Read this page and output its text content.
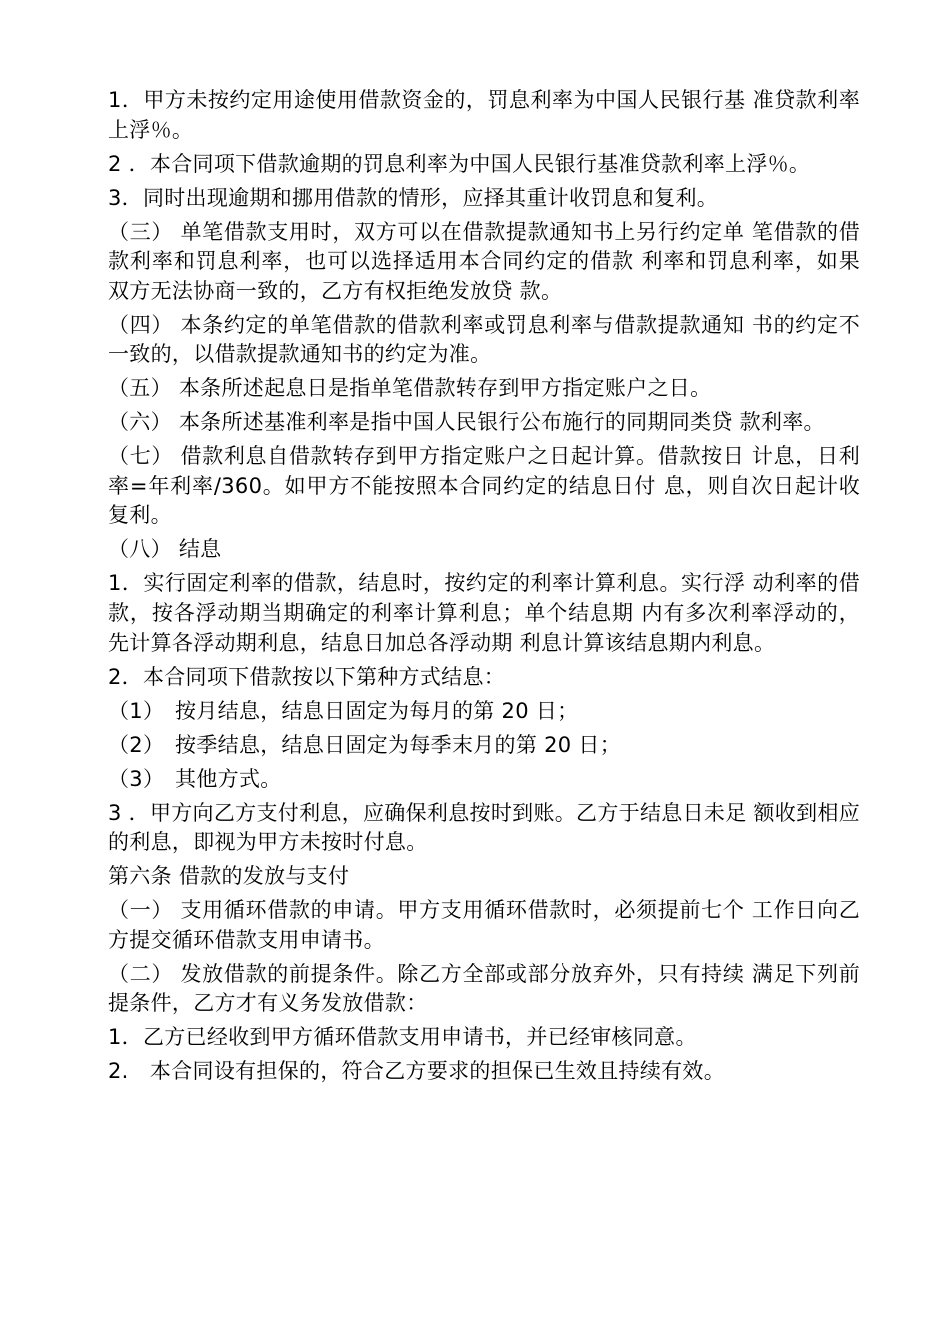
1．甲方未按约定用途使用借款资金的，罚息利率为中国人民银行基 准贷款利率上浮％。

2 ．本合同项下借款逾期的罚息利率为中国人民银行基准贷款利率上浮％。

3．同时出现逾期和挪用借款的情形，应择其重计收罚息和复利。

（三） 单笔借款支用时，双方可以在借款提款通知书上另行约定单 笔借款的借款利率和罚息利率，也可以选择适用本合同约定的借款 利率和罚息利率，如果双方无法协商一致的，乙方有权拒绝发放贷 款。

（四） 本条约定的单笔借款的借款利率或罚息利率与借款提款通知 书的约定不一致的，以借款提款通知书的约定为准。

（五） 本条所述起息日是指单笔借款转存到甲方指定账户之日。

（六） 本条所述基准利率是指中国人民银行公布施行的同期同类贷 款利率。

（七） 借款利息自借款转存到甲方指定账户之日起计算。借款按日 计息，日利率=年利率/360。如甲方不能按照本合同约定的结息日付 息，则自次日起计收复利。

（八） 结息

1．实行固定利率的借款，结息时，按约定的利率计算利息。实行浮 动利率的借款，按各浮动期当期确定的利率计算利息；单个结息期 内有多次利率浮动的，先计算各浮动期利息，结息日加总各浮动期 利息计算该结息期内利息。

2．本合同项下借款按以下第种方式结息：

（1）　按月结息，结息日固定为每月的第 20 日；

（2）　按季结息，结息日固定为每季末月的第 20 日；

（3）　其他方式。

3 ．甲方向乙方支付利息，应确保利息按时到账。乙方于结息日未足 额收到相应的利息，即视为甲方未按时付息。

第六条 借款的发放与支付

（一） 支用循环借款的申请。甲方支用循环借款时，必须提前七个 工作日向乙方提交循环借款支用申请书。

（二） 发放借款的前提条件。除乙方全部或部分放弃外，只有持续 满足下列前提条件，乙方才有义务发放借款：

1．乙方已经收到甲方循环借款支用申请书，并已经审核同意。

2.　本合同设有担保的，符合乙方要求的担保已生效且持续有效。
